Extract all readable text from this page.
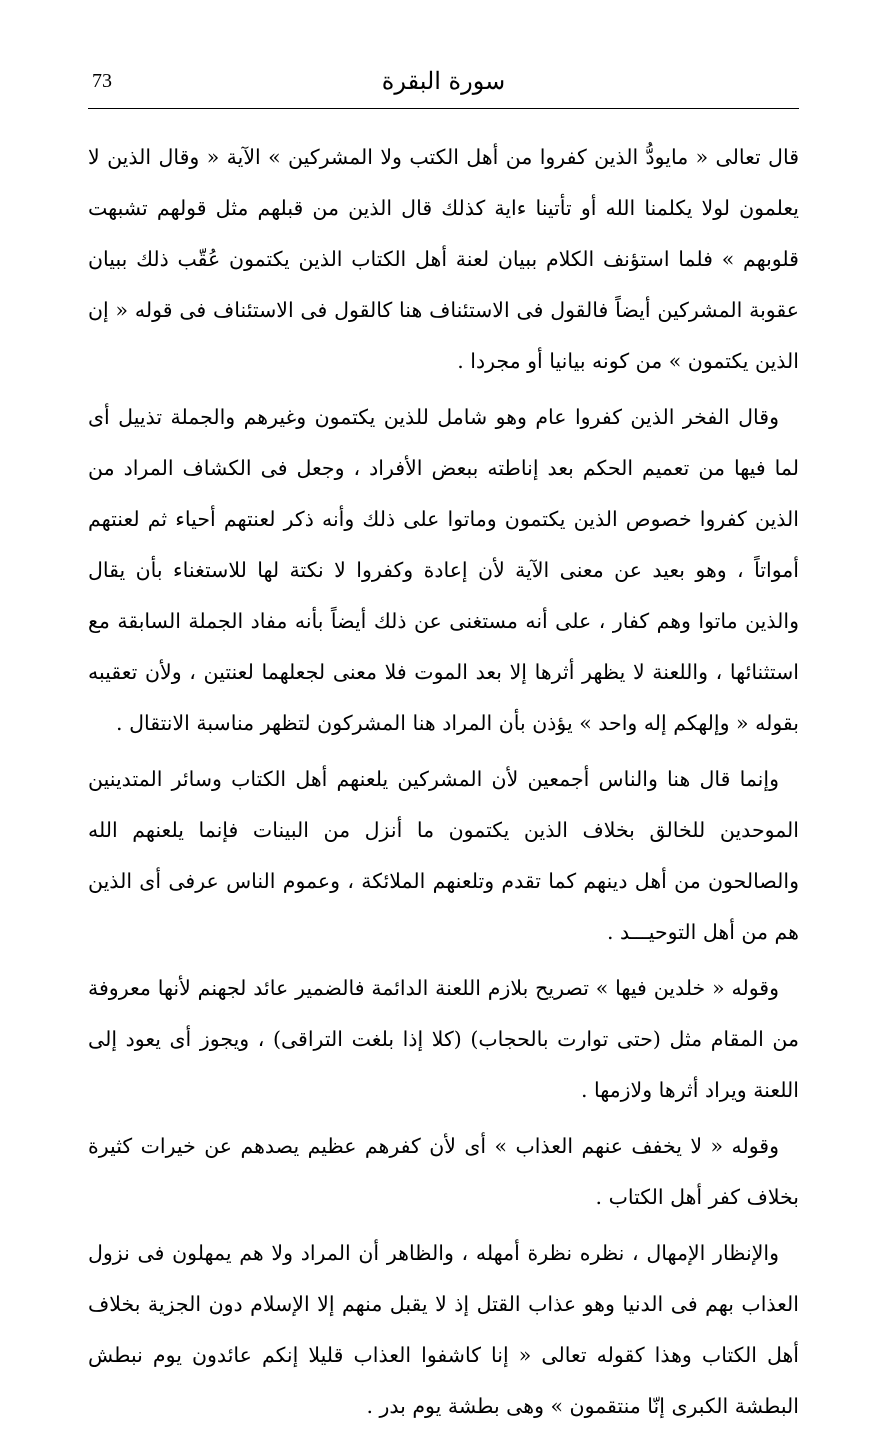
73	سورة البقرة

قال تعالى « مايودُّ الذين كفروا من أهل الكتب ولا المشركين » الآية « وقال الذين لا يعلمون لولا يكلمنا الله أو تأتينا ءاية كذلك قال الذين من قبلهم مثل قولهم تشبهت قلوبهم » فلما استؤنف الكلام ببيان لعنة أهل الكتاب الذين يكتمون عُقّب ذلك ببيان عقوبة المشركين أيضاً فالقول فى الاستئناف هنا كالقول فى الاستئناف فى قوله « إن الذين يكتمون » من كونه بيانيا أو مجردا .

وقال الفخر الذين كفروا عام وهو شامل للذين يكتمون وغيرهم والجملة تذييل أى لما فيها من تعميم الحكم بعد إناطته ببعض الأفراد ، وجعل فى الكشاف المراد من الذين كفروا خصوص الذين يكتمون وماتوا على ذلك وأنه ذكر لعنتهم أحياء ثم لعنتهم أمواتاً ، وهو بعيد عن معنى الآية لأن إعادة وكفروا لا نكتة لها للاستغناء بأن يقال والذين ماتوا وهم كفار ، على أنه مستغنى عن ذلك أيضاً بأنه مفاد الجملة السابقة مع استثنائها ، واللعنة لا يظهر أثرها إلا بعد الموت فلا معنى لجعلهما لعنتين ، ولأن تعقيبه بقوله « وإلهكم إله واحد » يؤذن بأن المراد هنا المشركون لتظهر مناسبة الانتقال .

وإنما قال هنا والناس أجمعين لأن المشركين يلعنهم أهل الكتاب وسائر المتدينين الموحدين للخالق بخلاف الذين يكتمون ما أنزل من البينات فإنما يلعنهم الله والصالحون من أهل دينهم كما تقدم وتلعنهم الملائكة ، وعموم الناس عرفى أى الذين هم من أهل التوحيـــد .

وقوله « خلدين فيها » تصريح بلازم اللعنة الدائمة فالضمير عائد لجهنم لأنها معروفة من المقام مثل (حتى توارت بالحجاب) (كلا إذا بلغت التراقى) ، ويجوز أى يعود إلى اللعنة ويراد أثرها ولازمها .

وقوله « لا يخفف عنهم العذاب » أى لأن كفرهم عظيم يصدهم عن خيرات كثيرة بخلاف كفر أهل الكتاب .

والإنظار الإمهال ، نظره نظرة أمهله ، والظاهر أن المراد ولا هم يمهلون فى نزول العذاب بهم فى الدنيا وهو عذاب القتل إذ لا يقبل منهم إلا الإسلام دون الجزية بخلاف أهل الكتاب وهذا كقوله تعالى « إنا كاشفوا العذاب قليلا إنكم عائدون يوم نبطش البطشة الكبرى إنّا منتقمون » وهى بطشة يوم بدر .
